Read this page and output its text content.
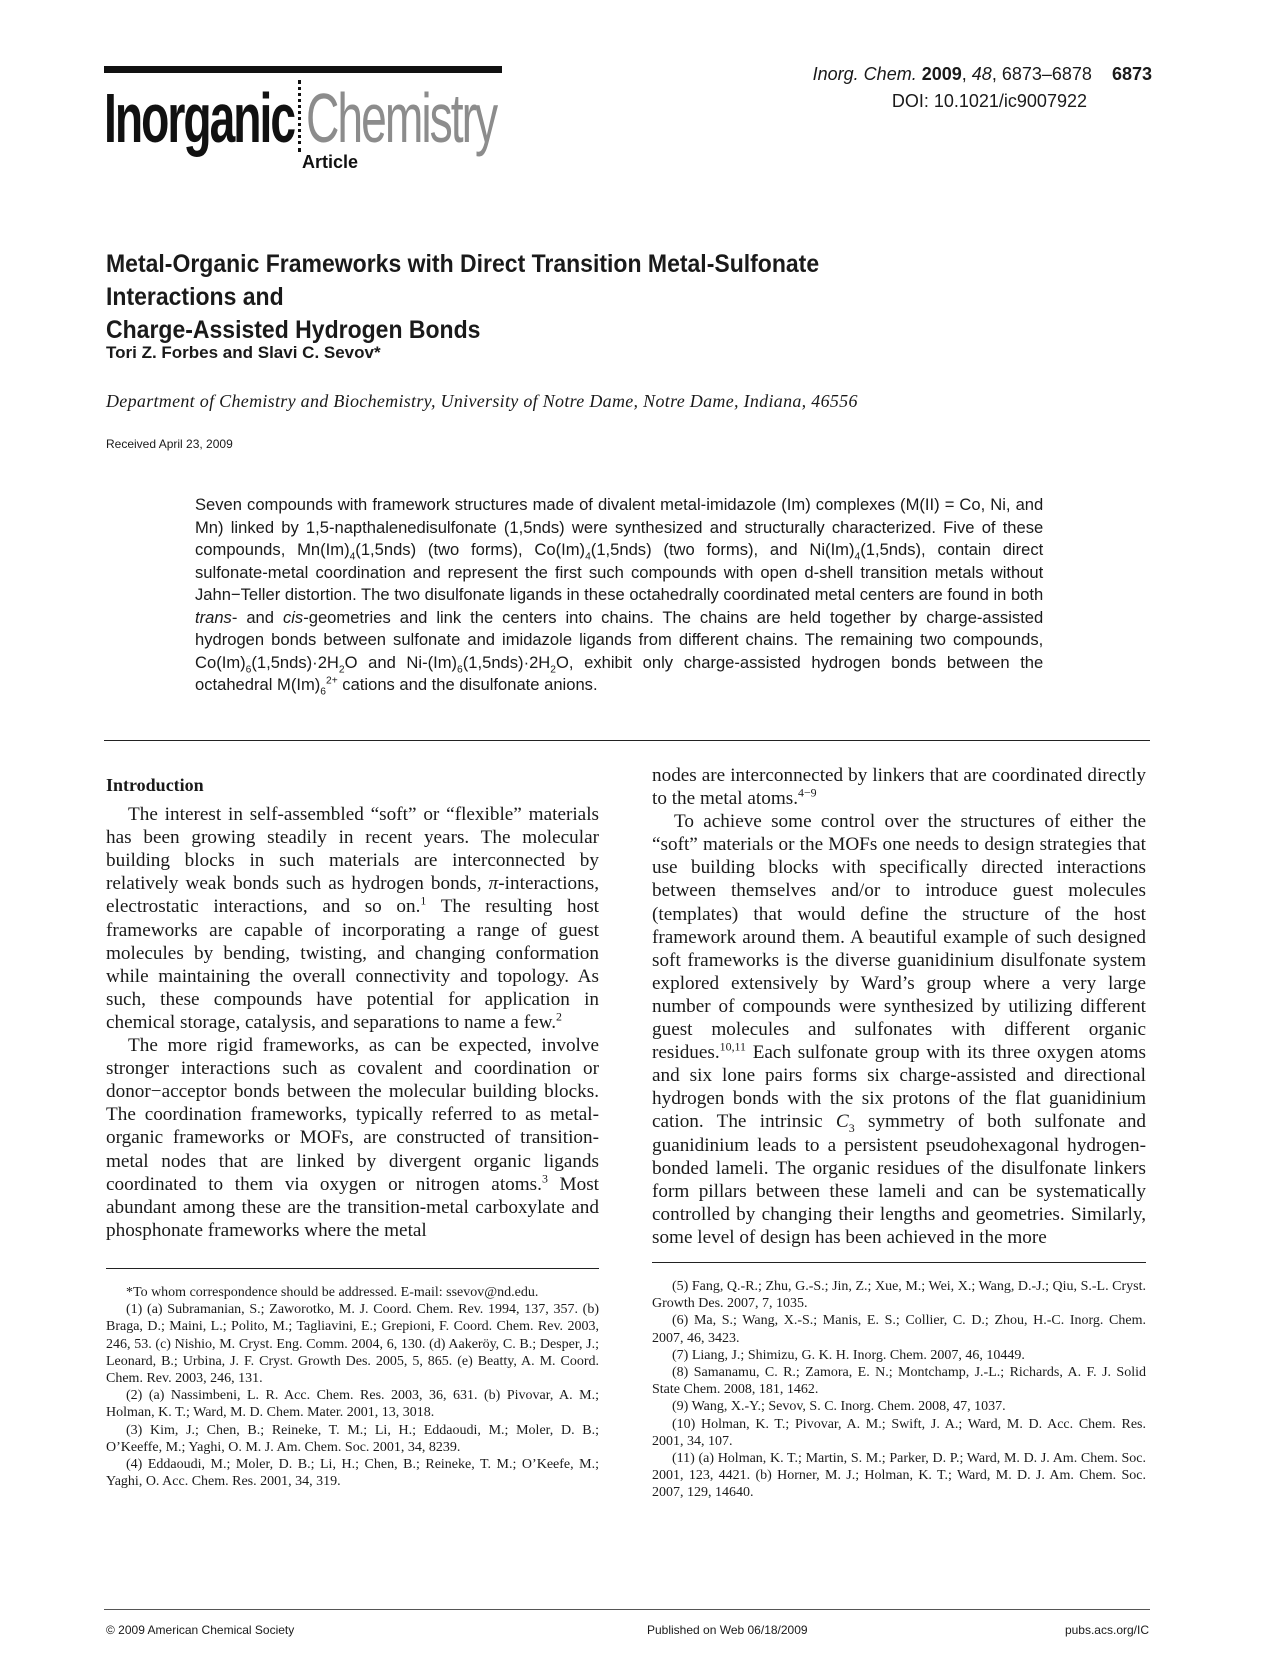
Inorganic Chemistry
Article
Inorg. Chem. 2009, 48, 6873–6878 6873
DOI: 10.1021/ic9007922
Metal-Organic Frameworks with Direct Transition Metal-Sulfonate Interactions and
Charge-Assisted Hydrogen Bonds
Tori Z. Forbes and Slavi C. Sevov*
Department of Chemistry and Biochemistry, University of Notre Dame, Notre Dame, Indiana, 46556
Received April 23, 2009
Seven compounds with framework structures made of divalent metal-imidazole (Im) complexes (M(II) = Co, Ni, and Mn) linked by 1,5-napthalenedisulfonate (1,5nds) were synthesized and structurally characterized. Five of these compounds, $Mn(Im)_4(1,5nds)$ (two forms), $Co(Im)_4(1,5nds)$ (two forms), and $Ni(Im)_4(1,5nds)$, contain direct sulfonate-metal coordination and represent the first such compounds with open d-shell transition metals without Jahn−Teller distortion. The two disulfonate ligands in these octahedrally coordinated metal centers are found in both trans- and cis-geometries and link the centers into chains. The chains are held together by charge-assisted hydrogen bonds between sulfonate and imidazole ligands from different chains. The remaining two compounds, $Co(Im)_6(1,5nds)\cdot 2H_2O$ and $Ni-(Im)_6(1,5nds)\cdot 2H_2O$, exhibit only charge-assisted hydrogen bonds between the octahedral $M(Im)_6^{2+}$ cations and the disulfonate anions.
Introduction

The interest in self-assembled “soft” or “flexible” materials has been growing steadily in recent years. The molecular building blocks in such materials are interconnected by relatively weak bonds such as hydrogen bonds, π-interactions, electrostatic interactions, and so on.$^1$ The resulting host frameworks are capable of incorporating a range of guest molecules by bending, twisting, and changing conformation while maintaining the overall connectivity and topology. As such, these compounds have potential for application in chemical storage, catalysis, and separations to name a few.$^2$

The more rigid frameworks, as can be expected, involve stronger interactions such as covalent and coordination or donor−acceptor bonds between the molecular building blocks. The coordination frameworks, typically referred to as metal-organic frameworks or MOFs, are constructed of transition-metal nodes that are linked by divergent organic ligands coordinated to them via oxygen or nitrogen atoms.$^3$ Most abundant among these are the transition-metal carboxylate and phosphonate frameworks where the metal

nodes are interconnected by linkers that are coordinated directly to the metal atoms.$^{4-9}$

To achieve some control over the structures of either the “soft” materials or the MOFs one needs to design strategies that use building blocks with specifically directed interactions between themselves and/or to introduce guest molecules (templates) that would define the structure of the host framework around them. A beautiful example of such designed soft frameworks is the diverse guanidinium disulfonate system explored extensively by Ward’s group where a very large number of compounds were synthesized by utilizing different guest molecules and sulfonates with different organic residues.$^{10,11}$ Each sulfonate group with its three oxygen atoms and six lone pairs forms six charge-assisted and directional hydrogen bonds with the six protons of the flat guanidinium cation. The intrinsic $C_3$ symmetry of both sulfonate and guanidinium leads to a persistent pseudohexagonal hydrogen-bonded lameli. The organic residues of the disulfonate linkers form pillars between these lameli and can be systematically controlled by changing their lengths and geometries. Similarly, some level of design has been achieved in the more

*To whom correspondence should be addressed. E-mail: ssevov@nd.edu.

(1) (a) Subramanian, S.; Zaworotko, M. J. Coord. Chem. Rev. 1994, 137, 357. (b) Braga, D.; Maini, L.; Polito, M.; Tagliavini, E.; Grepioni, F. Coord. Chem. Rev. 2003, 246, 53. (c) Nishio, M. Cryst. Eng. Comm. 2004, 6, 130. (d) Aakeröy, C. B.; Desper, J.; Leonard, B.; Urbina, J. F. Cryst. Growth Des. 2005, 5, 865. (e) Beatty, A. M. Coord. Chem. Rev. 2003, 246, 131.

(2) (a) Nassimbeni, L. R. Acc. Chem. Res. 2003, 36, 631. (b) Pivovar, A. M.; Holman, K. T.; Ward, M. D. Chem. Mater. 2001, 13, 3018.

(3) Kim, J.; Chen, B.; Reineke, T. M.; Li, H.; Eddaoudi, M.; Moler, D. B.; O’Keeffe, M.; Yaghi, O. M. J. Am. Chem. Soc. 2001, 34, 8239.

(4) Eddaoudi, M.; Moler, D. B.; Li, H.; Chen, B.; Reineke, T. M.; O’Keefe, M.; Yaghi, O. Acc. Chem. Res. 2001, 34, 319.

(5) Fang, Q.-R.; Zhu, G.-S.; Jin, Z.; Xue, M.; Wei, X.; Wang, D.-J.; Qiu, S.-L. Cryst. Growth Des. 2007, 7, 1035.

(6) Ma, S.; Wang, X.-S.; Manis, E. S.; Collier, C. D.; Zhou, H.-C. Inorg. Chem. 2007, 46, 3423.

(7) Liang, J.; Shimizu, G. K. H. Inorg. Chem. 2007, 46, 10449.

(8) Samanamu, C. R.; Zamora, E. N.; Montchamp, J.-L.; Richards, A. F. J. Solid State Chem. 2008, 181, 1462.

(9) Wang, X.-Y.; Sevov, S. C. Inorg. Chem. 2008, 47, 1037.

(10) Holman, K. T.; Pivovar, A. M.; Swift, J. A.; Ward, M. D. Acc. Chem. Res. 2001, 34, 107.

(11) (a) Holman, K. T.; Martin, S. M.; Parker, D. P.; Ward, M. D. J. Am. Chem. Soc. 2001, 123, 4421. (b) Horner, M. J.; Holman, K. T.; Ward, M. D. J. Am. Chem. Soc. 2007, 129, 14640.

© 2009 American Chemical Society	Published on Web 06/18/2009	pubs.acs.org/IC
